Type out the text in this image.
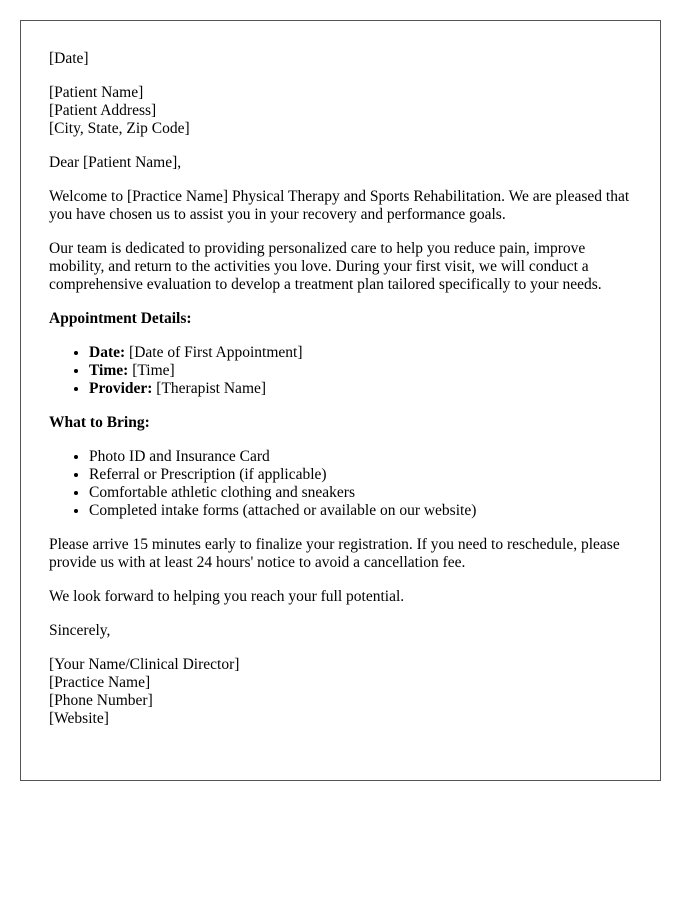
[Date]

[Patient Name]
[Patient Address]
[City, State, Zip Code]

Dear [Patient Name],

Welcome to [Practice Name] Physical Therapy and Sports Rehabilitation. We are pleased that you have chosen us to assist you in your recovery and performance goals.

Our team is dedicated to providing personalized care to help you reduce pain, improve mobility, and return to the activities you love. During your first visit, we will conduct a comprehensive evaluation to develop a treatment plan tailored specifically to your needs.

Appointment Details:

• Date: [Date of First Appointment]
• Time: [Time]
• Provider: [Therapist Name]

What to Bring:

• Photo ID and Insurance Card
• Referral or Prescription (if applicable)
• Comfortable athletic clothing and sneakers
• Completed intake forms (attached or available on our website)

Please arrive 15 minutes early to finalize your registration. If you need to reschedule, please provide us with at least 24 hours' notice to avoid a cancellation fee.

We look forward to helping you reach your full potential.

Sincerely,

[Your Name/Clinical Director]
[Practice Name]
[Phone Number]
[Website]
